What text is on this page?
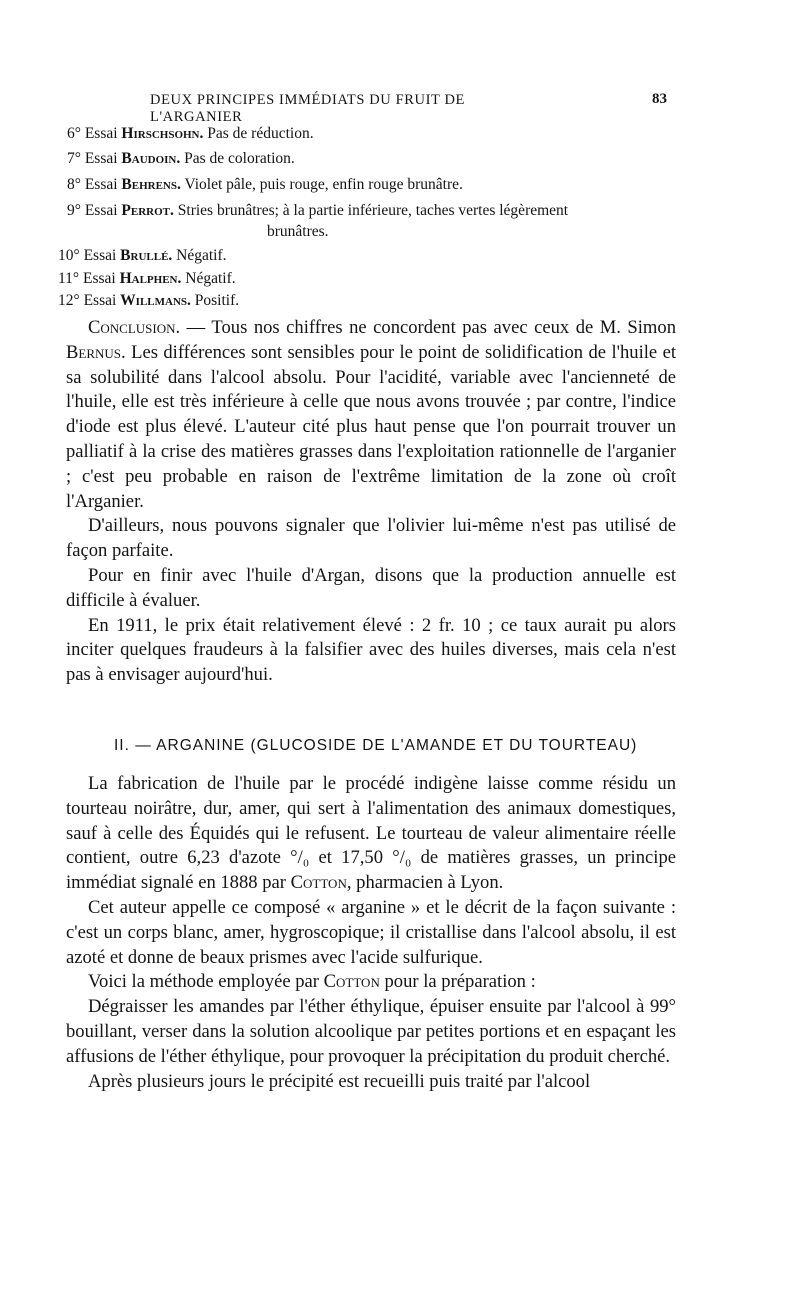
DEUX PRINCIPES IMMÉDIATS DU FRUIT DE L'ARGANIER
83
6° Essai Hirschsohn. Pas de réduction.
7° Essai Baudoin. Pas de coloration.
8° Essai Behrens. Violet pâle, puis rouge, enfin rouge brunâtre.
9° Essai Perrot. Stries brunâtres; à la partie inférieure, taches vertes légèrement
brunâtres.
10° Essai Brullé. Négatif.
11° Essai Halphen. Négatif.
12° Essai Willmans. Positif.

Conclusion. — Tous nos chiffres ne concordent pas avec ceux de M. Simon Bernus. Les différences sont sensibles pour le point de solidification de l'huile et sa solubilité dans l'alcool absolu. Pour l'acidité, variable avec l'ancienneté de l'huile, elle est très inférieure à celle que nous avons trouvée ; par contre, l'indice d'iode est plus élevé. L'auteur cité plus haut pense que l'on pourrait trouver un palliatif à la crise des matières grasses dans l'exploitation rationnelle de l'arganier ; c'est peu probable en raison de l'extrême limitation de la zone où croît l'Arganier.

D'ailleurs, nous pouvons signaler que l'olivier lui-même n'est pas utilisé de façon parfaite.

Pour en finir avec l'huile d'Argan, disons que la production annuelle est difficile à évaluer.

En 1911, le prix était relativement élevé : 2 fr. 10 ; ce taux aurait pu alors inciter quelques fraudeurs à la falsifier avec des huiles diverses, mais cela n'est pas à envisager aujourd'hui.

II. — ARGANINE (GLUCOSIDE DE L'AMANDE ET DU TOURTEAU)

La fabrication de l'huile par le procédé indigène laisse comme résidu un tourteau noirâtre, dur, amer, qui sert à l'alimentation des animaux domestiques, sauf à celle des Équidés qui le refusent. Le tourteau de valeur alimentaire réelle contient, outre 6,23 d'azote °/₀ et 17,50 °/₀ de matières grasses, un principe immédiat signalé en 1888 par Cotton, pharmacien à Lyon.

Cet auteur appelle ce composé « arganine » et le décrit de la façon suivante : c'est un corps blanc, amer, hygroscopique; il cristallise dans l'alcool absolu, il est azoté et donne de beaux prismes avec l'acide sulfurique.

Voici la méthode employée par Cotton pour la préparation :

Dégraisser les amandes par l'éther éthylique, épuiser ensuite par l'alcool à 99° bouillant, verser dans la solution alcoolique par petites portions et en espaçant les affusions de l'éther éthylique, pour provoquer la précipitation du produit cherché.

Après plusieurs jours le précipité est recueilli puis traité par l'alcool
